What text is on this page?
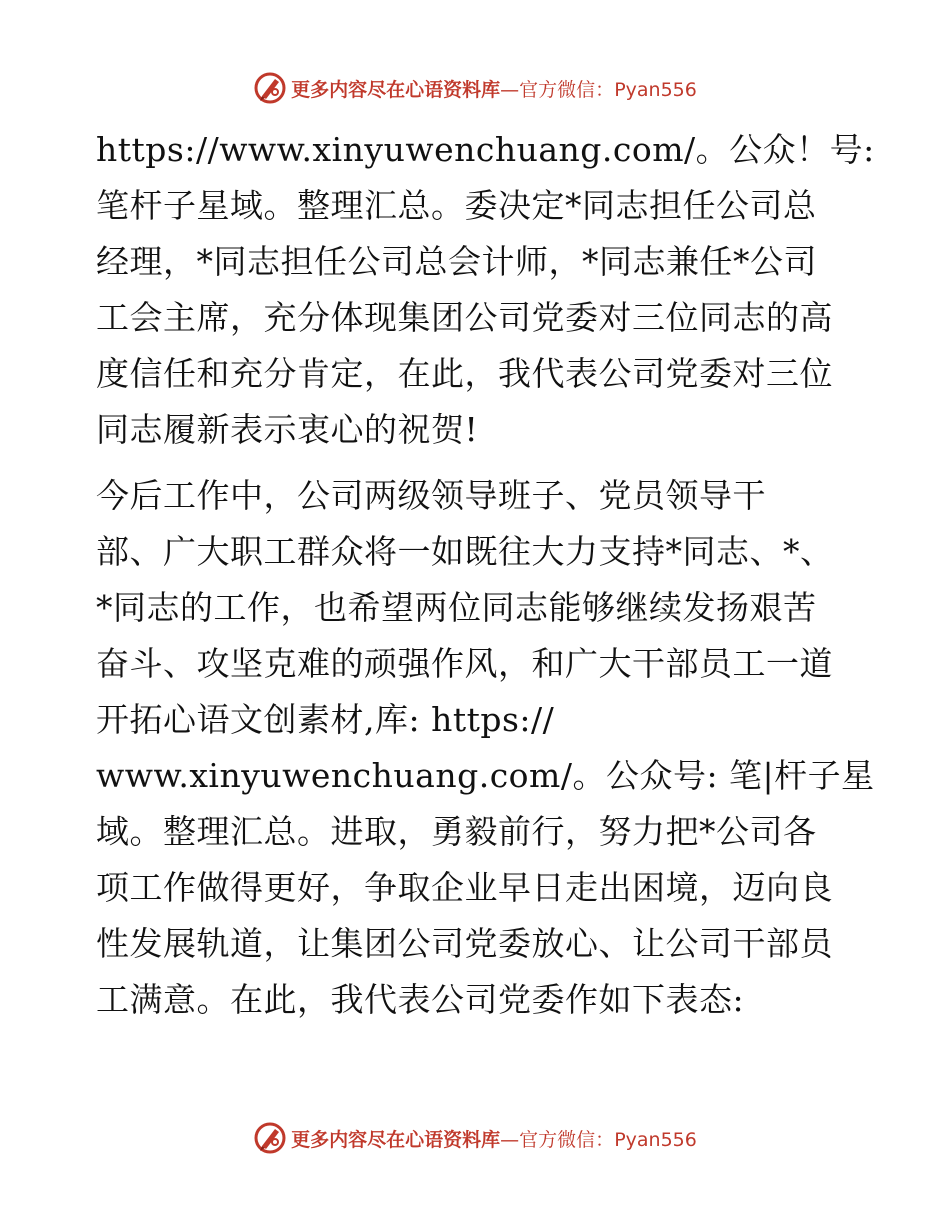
更多内容尽在心语资料库—官方微信：Pyan556
https://www.xinyuwenchuang.com/。公众！号:
笔杆子星域。整理汇总。委决定*同志担任公司总
经理，*同志担任公司总会计师，*同志兼任*公司
工会主席，充分体现集团公司党委对三位同志的高
度信任和充分肯定，在此，我代表公司党委对三位
同志履新表示衷心的祝贺!
今后工作中，公司两级领导班子、党员领导干
部、广大职工群众将一如既往大力支持*同志、*、
*同志的工作，也希望两位同志能够继续发扬艰苦
奋斗、攻坚克难的顽强作风，和广大干部员工一道
开拓心语文创素材,库: https://
www.xinyuwenchuang.com/。公众号: 笔|杆子星
域。整理汇总。进取，勇毅前行，努力把*公司各
项工作做得更好，争取企业早日走出困境，迈向良
性发展轨道，让集团公司党委放心、让公司干部员
工满意。在此，我代表公司党委作如下表态:
更多内容尽在心语资料库—官方微信：Pyan556
